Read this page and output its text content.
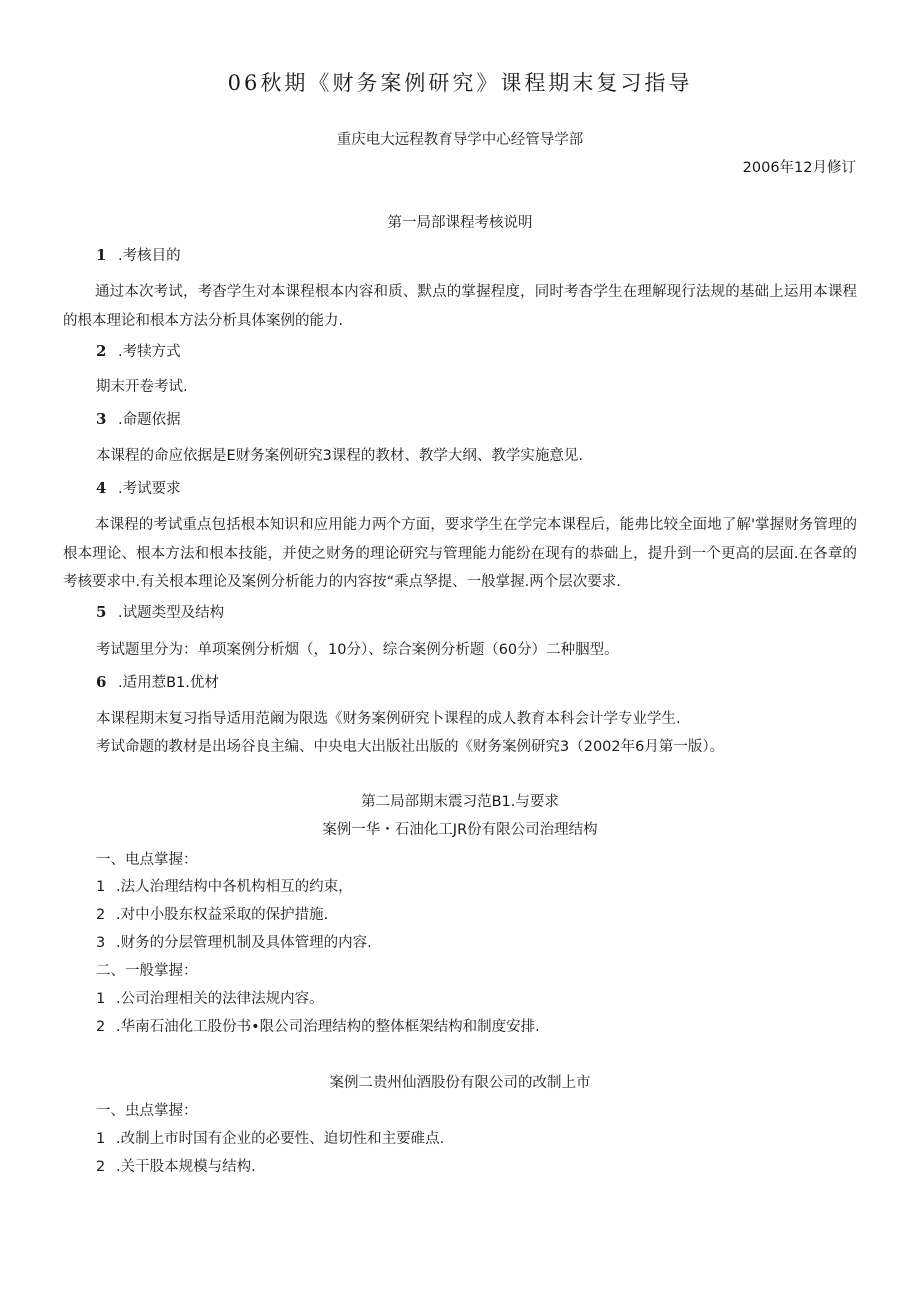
06秋期《财务案例研究》课程期末复习指导
重庆电大远程教育导学中心经管导学部
2006年12月修订
第一局部课程考核说明
1 .考核目的
通过本次考试，考杳学生对本课程根本内容和质、默点的掌握程度，同时考杳学生在理解现行法规的基础上运用本课程的根本理论和根本方法分析具体案例的能力.
2 .考犊方式
期末开卷考试.
3 .命题依据
本课程的命应依据是E财务案例研究3课程的教材、教学大纲、教学实施意见.
4 .考试要求
本课程的考试重点包括根本知识和应用能力两个方面，要求学生在学完本课程后，能弗比较全面地了解'掌握财务管理的根本理论、根本方法和根本技能，并使之财务的理论研究与管理能力能纷在现有的恭础上，提升到一个更高的层面.在各章的考核要求中.有关根本理论及案例分析能力的内容按“乘点孥提、一般掌握.两个层次要求.
5 .试题类型及结构
考试题里分为：单项案例分析烟（，10分）、综合案例分析题（60分）二种胭型。
6 .适用惹B1.优材
本课程期末复习指导适用范阚为限选《财务案例研究卜课程的成人教育本科会计学专业学生.
考试命题的教材是出场谷良主编、中央电大出版社出版的《财务案例研究3（2002年6月第一版）。
第二局部期末震习范B1.与要求
案例一华・石油化工JR份有限公司治理结构
一、电点掌握：
1 .法人治理结构中各机构相互的约束，
2 .对中小股东权益采取的保护措施.
3 .财务的分层管理机制及具体管理的内容.
二、一般掌握：
1 .公司治理相关的法律法规内容。
2 .华南石油化工股份书•限公司治理结构的整体框架结构和制度安排.
案例二贵州仙酒股份有限公司的改制上市
一、虫点掌握：
1 .改制上市时国有企业的必要性、迫切性和主要碓点.
2 .关干股本规模与结构.
